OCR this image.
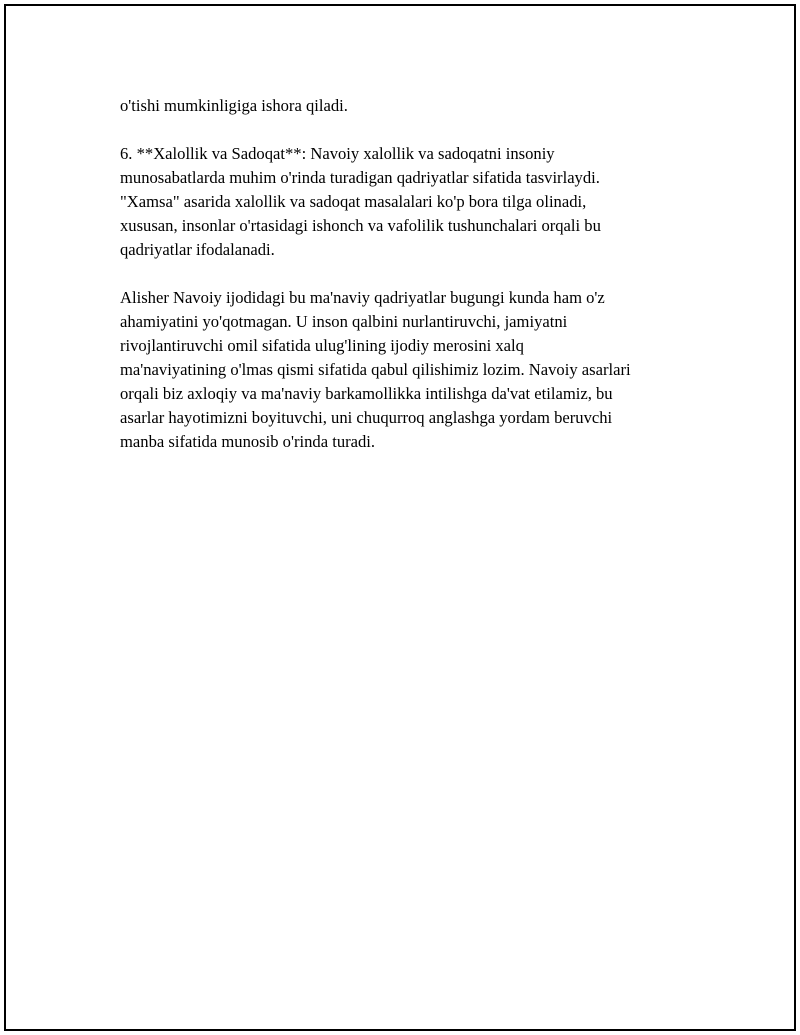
o'tishi mumkinligiga ishora qiladi.

6. **Xalollik va Sadoqat**: Navoiy xalollik va sadoqatni insoniy
munosabatlarda muhim o'rinda turadigan qadriyatlar sifatida tasvirlaydi.
"Xamsa" asarida xalollik va sadoqat masalalari ko'p bora tilga olinadi,
xususan, insonlar o'rtasidagi ishonch va vafolilik tushunchalari orqali bu
qadriyatlar ifodalanadi.

Alisher Navoiy ijodidagi bu ma'naviy qadriyatlar bugungi kunda ham o'z
ahamiyatini yo'qotmagan. U inson qalbini nurlantiruvchi, jamiyatni
rivojlantiruvchi omil sifatida ulug'lining ijodiy merosini xalq
ma'naviyatining o'lmas qismi sifatida qabul qilishimiz lozim. Navoiy asarlari
orqali biz axloqiy va ma'naviy barkamollikka intilishga da'vat etilamiz, bu
asarlar hayotimizni boyituvchi, uni chuqurroq anglashga yordam beruvchi
manba sifatida munosib o'rinda turadi.
